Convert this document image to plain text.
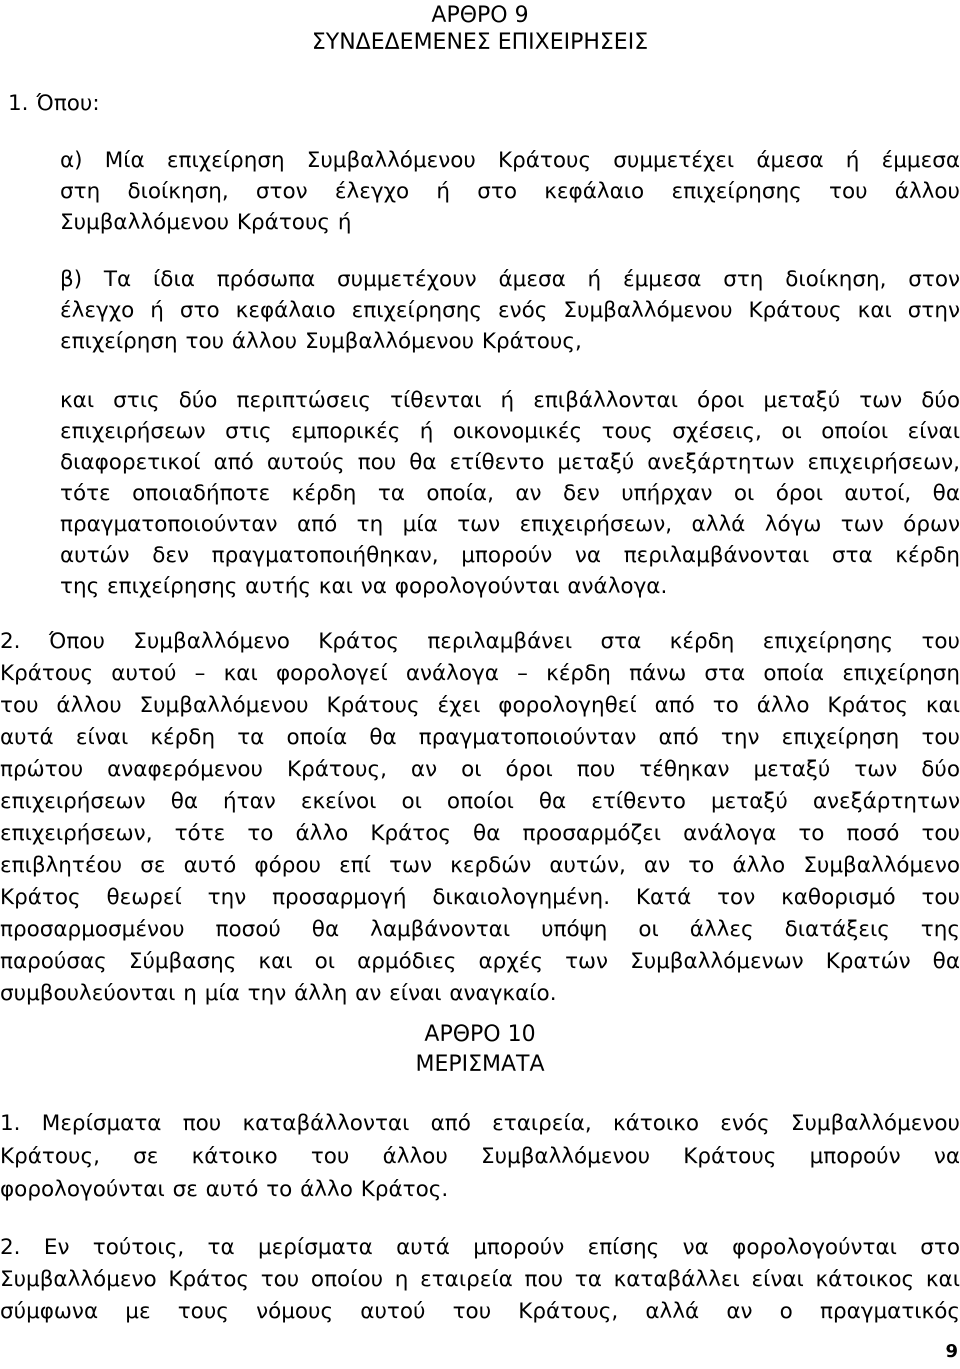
ΑΡΘΡΟ 9
ΣΥΝΔΕΔΕΜΕΝΕΣ ΕΠΙΧΕΙΡΗΣΕΙΣ
1. Όπου:
α) Μία επιχείρηση Συμβαλλόμενου Κράτους συμμετέχει άμεσα ή έμμεσα
στη διοίκηση, στον έλεγχο ή στο κεφάλαιο επιχείρησης του άλλου
Συμβαλλόμενου Κράτους ή
β) Τα ίδια πρόσωπα συμμετέχουν άμεσα ή έμμεσα στη διοίκηση, στον
έλεγχο ή στο κεφάλαιο επιχείρησης ενός Συμβαλλόμενου Κράτους και στην
επιχείρηση του άλλου Συμβαλλόμενου Κράτους,
και στις δύο περιπτώσεις τίθενται ή επιβάλλονται όροι μεταξύ των δύο
επιχειρήσεων στις εμπορικές ή οικονομικές τους σχέσεις, οι οποίοι είναι
διαφορετικοί από αυτούς που θα ετίθεντο μεταξύ ανεξάρτητων επιχειρήσεων,
τότε οποιαδήποτε κέρδη τα οποία, αν δεν υπήρχαν οι όροι αυτοί, θα
πραγματοποιούνταν από τη μία των επιχειρήσεων, αλλά λόγω των όρων
αυτών δεν πραγματοποιήθηκαν, μπορούν να περιλαμβάνονται στα κέρδη
της επιχείρησης αυτής και να φορολογούνται ανάλογα.
2. Όπου Συμβαλλόμενο Κράτος περιλαμβάνει στα κέρδη επιχείρησης του
Κράτους αυτού – και φορολογεί ανάλογα – κέρδη πάνω στα οποία επιχείρηση
του άλλου Συμβαλλόμενου Κράτους έχει φορολογηθεί από το άλλο Κράτος και
αυτά είναι κέρδη τα οποία θα πραγματοποιούνταν από την επιχείρηση του
πρώτου αναφερόμενου Κράτους, αν οι όροι που τέθηκαν μεταξύ των δύο
επιχειρήσεων θα ήταν εκείνοι οι οποίοι θα ετίθεντο μεταξύ ανεξάρτητων
επιχειρήσεων, τότε το άλλο Κράτος θα προσαρμόζει ανάλογα το ποσό του
επιβλητέου σε αυτό φόρου επί των κερδών αυτών, αν το άλλο Συμβαλλόμενο
Κράτος θεωρεί την προσαρμογή δικαιολογημένη. Κατά τον καθορισμό του
προσαρμοσμένου ποσού θα λαμβάνονται υπόψη οι άλλες διατάξεις της
παρούσας Σύμβασης και οι αρμόδιες αρχές των Συμβαλλόμενων Κρατών θα
συμβουλεύονται η μία την άλλη αν είναι αναγκαίο.
ΑΡΘΡΟ 10
ΜΕΡΙΣΜΑΤΑ
1. Μερίσματα που καταβάλλονται από εταιρεία, κάτοικο ενός Συμβαλλόμενου
Κράτους, σε κάτοικο του άλλου Συμβαλλόμενου Κράτους μπορούν να
φορολογούνται σε αυτό το άλλο Κράτος.
2. Εν τούτοις, τα μερίσματα αυτά μπορούν επίσης να φορολογούνται στο
Συμβαλλόμενο Κράτος του οποίου η εταιρεία που τα καταβάλλει είναι κάτοικος και
σύμφωνα με τους νόμους αυτού του Κράτους, αλλά αν ο πραγματικός
9
